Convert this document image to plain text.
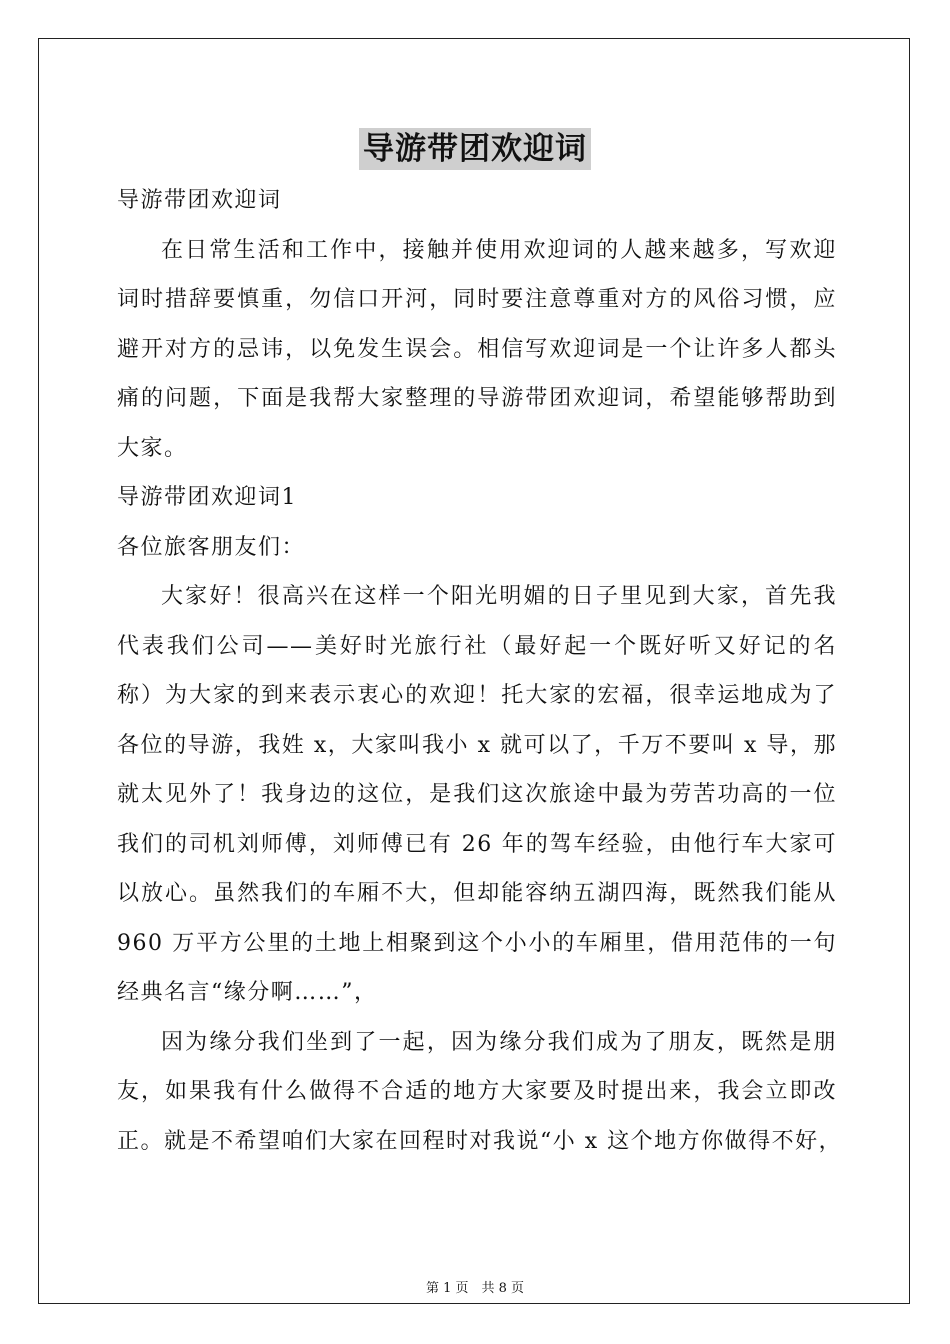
导游带团欢迎词
导游带团欢迎词
在日常生活和工作中，接触并使用欢迎词的人越来越多，写欢迎
词时措辞要慎重，勿信口开河，同时要注意尊重对方的风俗习惯，应
避开对方的忌讳，以免发生误会。相信写欢迎词是一个让许多人都头
痛的问题，下面是我帮大家整理的导游带团欢迎词，希望能够帮助到
大家。
导游带团欢迎词1
各位旅客朋友们：
大家好！很高兴在这样一个阳光明媚的日子里见到大家，首先我
代表我们公司——美好时光旅行社（最好起一个既好听又好记的名
称）为大家的到来表示衷心的欢迎！托大家的宏福，很幸运地成为了
各位的导游，我姓 x，大家叫我小 x 就可以了，千万不要叫 x 导，那
就太见外了！我身边的这位，是我们这次旅途中最为劳苦功高的一位
我们的司机刘师傅，刘师傅已有 26 年的驾车经验，由他行车大家可
以放心。虽然我们的车厢不大，但却能容纳五湖四海，既然我们能从
960 万平方公里的土地上相聚到这个小小的车厢里，借用范伟的一句
经典名言“缘分啊……”，
因为缘分我们坐到了一起，因为缘分我们成为了朋友，既然是朋
友，如果我有什么做得不合适的地方大家要及时提出来，我会立即改
正。就是不希望咱们大家在回程时对我说“小 x 这个地方你做得不好，
第 1 页　共 8 页
